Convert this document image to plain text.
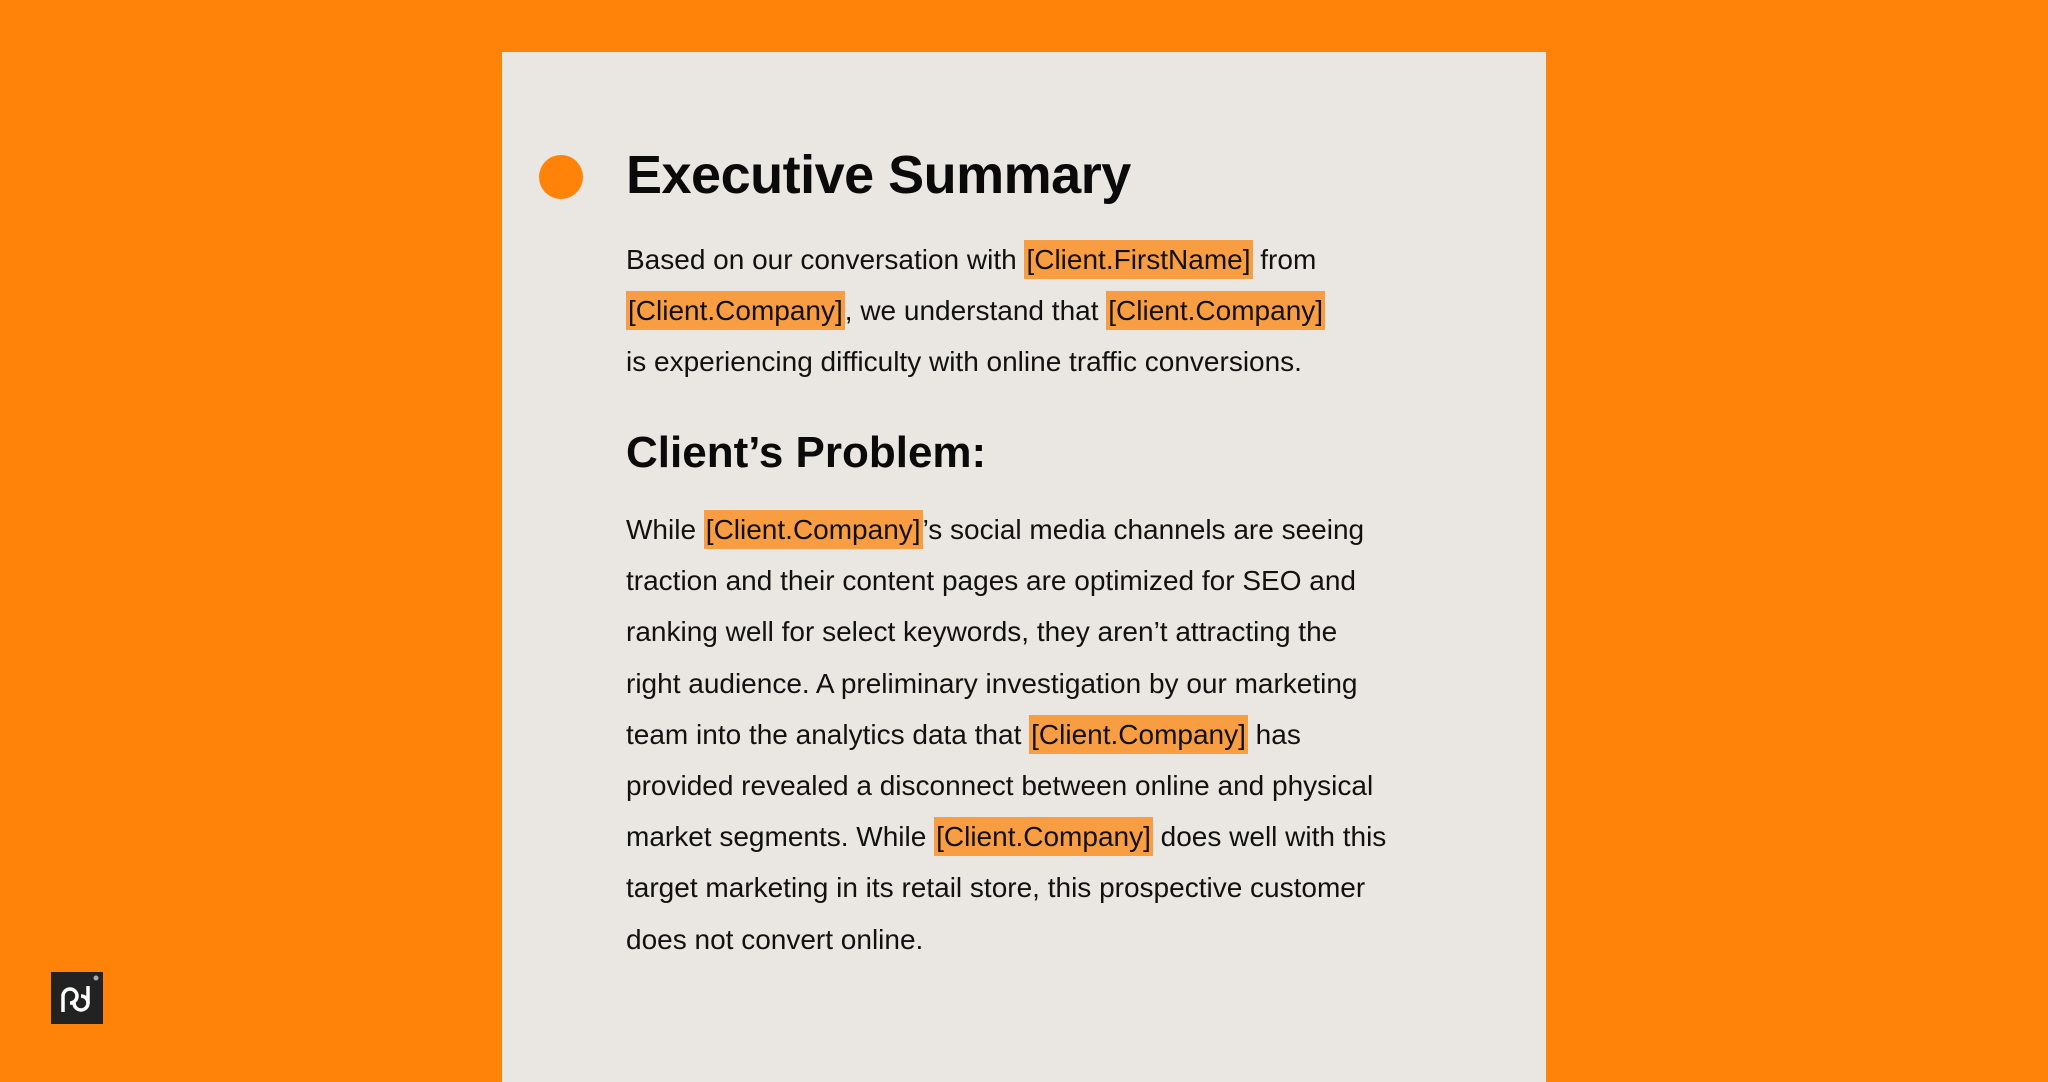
Executive Summary

Based on our conversation with [Client.FirstName] from
[Client.Company], we understand that [Client.Company]
is experiencing difficulty with online traffic conversions.

Client’s Problem:

While [Client.Company]’s social media channels are seeing
traction and their content pages are optimized for SEO and
ranking well for select keywords, they aren’t attracting the
right audience. A preliminary investigation by our marketing
team into the analytics data that [Client.Company] has
provided revealed a disconnect between online and physical
market segments. While [Client.Company] does well with this
target marketing in its retail store, this prospective customer
does not convert online.
